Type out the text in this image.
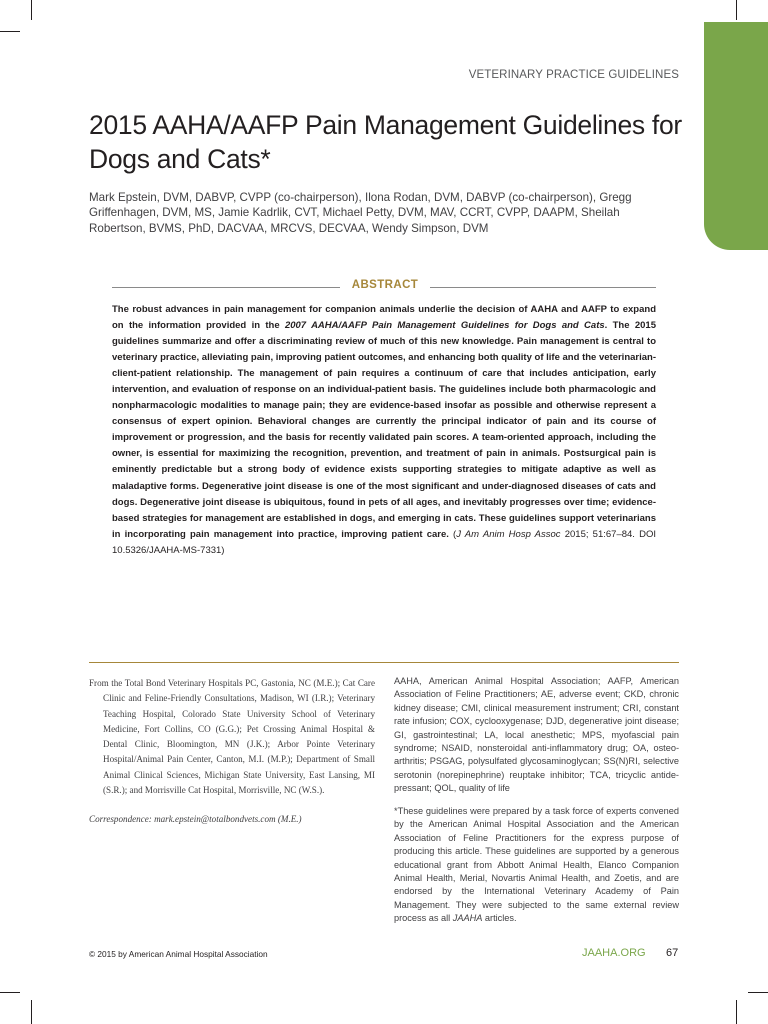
VETERINARY PRACTICE GUIDELINES
2015 AAHA/AAFP Pain Management Guidelines for Dogs and Cats*
Mark Epstein, DVM, DABVP, CVPP (co-chairperson), Ilona Rodan, DVM, DABVP (co-chairperson), Gregg Griffenhagen, DVM, MS, Jamie Kadrlik, CVT, Michael Petty, DVM, MAV, CCRT, CVPP, DAAPM, Sheilah Robertson, BVMS, PhD, DACVAA, MRCVS, DECVAA, Wendy Simpson, DVM
ABSTRACT

The robust advances in pain management for companion animals underlie the decision of AAHA and AAFP to expand on the information provided in the 2007 AAHA/AAFP Pain Management Guidelines for Dogs and Cats. The 2015 guidelines summarize and offer a discriminating review of much of this new knowledge. Pain management is central to veterinary practice, alleviating pain, improving patient outcomes, and enhancing both quality of life and the veterinarian-client-patient relationship. The management of pain requires a continuum of care that includes anticipation, early intervention, and evaluation of response on an individual-patient basis. The guidelines include both pharmacologic and nonpharmacologic modalities to manage pain; they are evidence-based insofar as possible and otherwise represent a consensus of expert opinion. Behavioral changes are currently the principal indicator of pain and its course of improvement or progression, and the basis for recently validated pain scores. A team-oriented approach, including the owner, is essential for maximizing the recognition, prevention, and treatment of pain in animals. Postsurgical pain is eminently predictable but a strong body of evidence exists supporting strategies to mitigate adaptive as well as maladaptive forms. Degenerative joint disease is one of the most significant and under-diagnosed diseases of cats and dogs. Degenerative joint disease is ubiquitous, found in pets of all ages, and inevitably progresses over time; evidence-based strategies for management are established in dogs, and emerging in cats. These guidelines support veterinarians in incorporating pain management into practice, improving patient care. (J Am Anim Hosp Assoc 2015; 51:67–84. DOI 10.5326/JAAHA-MS-7331)

From the Total Bond Veterinary Hospitals PC, Gastonia, NC (M.E.); Cat Care Clinic and Feline-Friendly Consultations, Madison, WI (I.R.); Veterinary Teaching Hospital, Colorado State University School of Veterinary Medicine, Fort Collins, CO (G.G.); Pet Crossing Animal Hospital & Dental Clinic, Bloomington, MN (J.K.); Arbor Pointe Veterinary Hospital/Animal Pain Center, Canton, M.I. (M.P.); Department of Small Animal Clinical Sciences, Michigan State University, East Lansing, MI (S.R.); and Morrisville Cat Hospital, Morrisville, NC (W.S.).

Correspondence: mark.epstein@totalbondvets.com (M.E.)

AAHA, American Animal Hospital Association; AAFP, American Association of Feline Practitioners; AE, adverse event; CKD, chronic kidney disease; CMI, clinical measurement instrument; CRI, constant rate infusion; COX, cyclooxygenase; DJD, degenerative joint disease; GI, gastrointestinal; LA, local anesthetic; MPS, myofascial pain syndrome; NSAID, nonsteroidal anti-inflammatory drug; OA, osteo-arthritis; PSGAG, polysulfated glycosaminoglycan; SS(N)RI, selective serotonin (norepinephrine) reuptake inhibitor; TCA, tricyclic antide-pressant; QOL, quality of life

*These guidelines were prepared by a task force of experts convened by the American Animal Hospital Association and the American Association of Feline Practitioners for the express purpose of producing this article. These guidelines are supported by a generous educational grant from Abbott Animal Health, Elanco Companion Animal Health, Merial, Novartis Animal Health, and Zoetis, and are endorsed by the International Veterinary Academy of Pain Management. They were subjected to the same external review process as all JAAHA articles.

© 2015 by American Animal Hospital Association	JAAHA.ORG 67
